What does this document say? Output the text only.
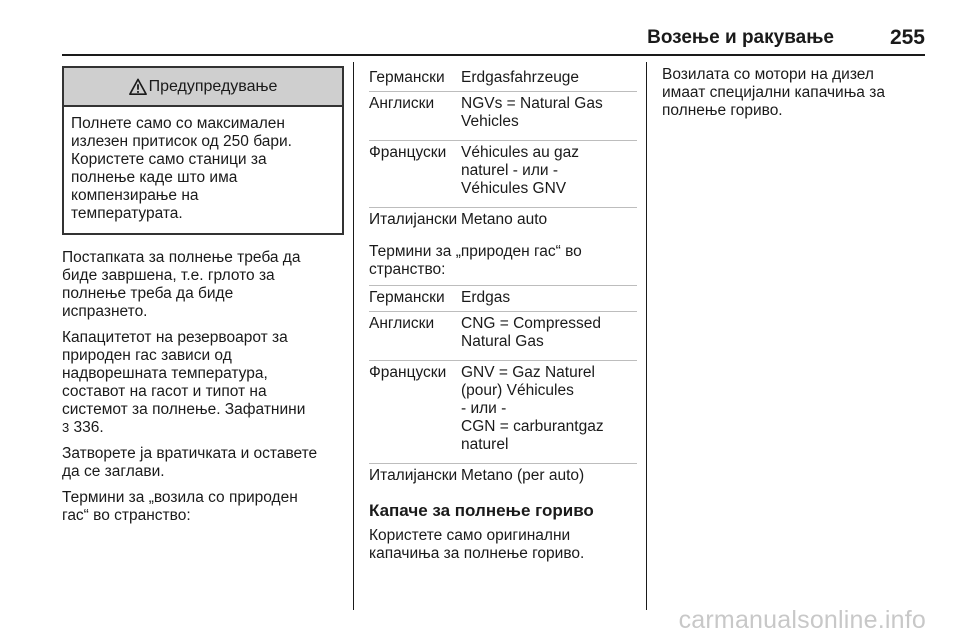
Возење и ракување	255
Предупредување
Полнете само со максимален
излезен притисок од 250 бари.
Користете само станици за
полнење каде што има
компензирање на
температурата.
Постапката за полнење треба да
биде завршена, т.е. грлото за
полнење треба да биде
испразнето.
Капацитетот на резервоарот за
природен гас зависи од
надворешната температура,
составот на гасот и типот на
системот за полнење. Зафатнини
3 336.
Затворете ја вратичката и оставете
да се заглави.
Термини за „возила со природен
гас“ во странство:
Германски	Erdgasfahrzeuge
Англиски	NGVs = Natural Gas
Vehicles
Француски Véhicules au gaz
naturel - или -
Véhicules GNV
Италијански Metano auto
Термини за „природен гас“ во
странство:
Германски	Erdgas
Англиски	CNG = Compressed
Natural Gas
Француски GNV = Gaz Naturel
(pour) Véhicules
- или -
CGN = carburantgaz
naturel
Италијански Metano (per auto)
Капаче за полнење гориво
Користете само оригинални
капачиња за полнење гориво.
Возилата со мотори на дизел
имаат специјални капачиња за
полнење гориво.
carmanualsonline.info
